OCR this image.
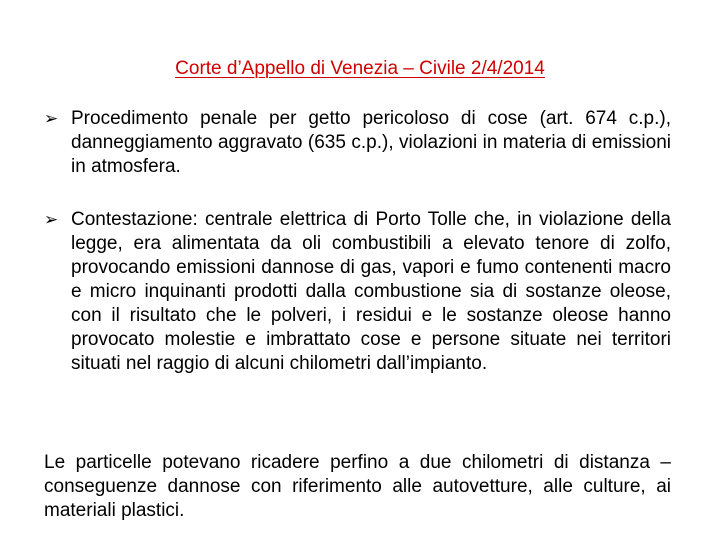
Corte d’Appello di Venezia – Civile 2/4/2014
➢ Procedimento penale per getto pericoloso di cose (art. 674 c.p.), danneggiamento aggravato (635 c.p.), violazioni in materia di emissioni in atmosfera.
➢ Contestazione: centrale elettrica di Porto Tolle che, in violazione della legge, era alimentata da oli combustibili a elevato tenore di zolfo, provocando emissioni dannose di gas, vapori e fumo contenenti macro e micro inquinanti prodotti dalla combustione sia di sostanze oleose, con il risultato che le polveri, i residui e le sostanze oleose hanno provocato molestie e imbrattato cose e persone situate nei territori situati nel raggio di alcuni chilometri dall’impianto.
Le particelle potevano ricadere perfino a due chilometri di distanza – conseguenze dannose con riferimento alle autovetture, alle culture, ai materiali plastici.
